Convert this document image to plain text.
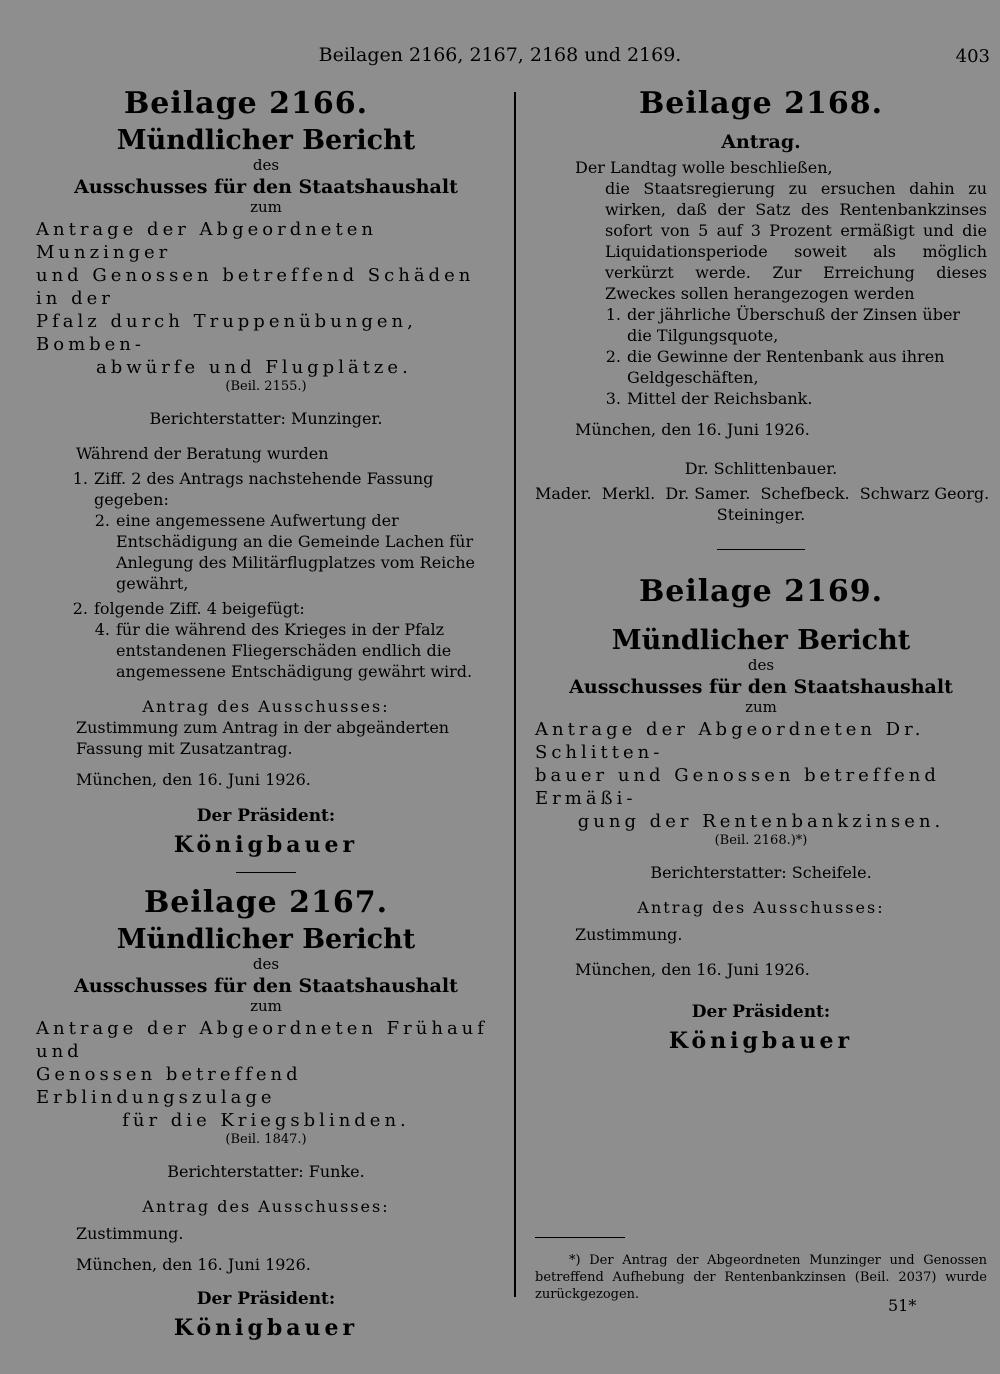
Beilagen 2166, 2167, 2168 und 2169.	403
Beilage 2166.
Mündlicher Bericht
des
Ausschusses für den Staatshaushalt
zum
Antrage der Abgeordneten Munzinger
und Genossen betreffend Schäden in der
Pfalz durch Truppenübungen, Bomben-
abwürfe und Flugplätze.
(Beil. 2155.)
Berichterstatter: Munzinger.
Während der Beratung wurden
1. Ziff. 2 des Antrags nachstehende Fassung gegeben:
2. eine angemessene Aufwertung der Entschädigung an die Gemeinde Lachen für Anlegung des Militärflugplatzes vom Reiche gewährt,
2. folgende Ziff. 4 beigefügt:
4. für die während des Krieges in der Pfalz entstandenen Fliegerschäden endlich die angemessene Entschädigung gewährt wird.
Antrag des Ausschusses:
Zustimmung zum Antrag in der abgeänderten Fassung mit Zusatzantrag.
München, den 16. Juni 1926.
Der Präsident:
Königbauer
Beilage 2167.
Mündlicher Bericht
des
Ausschusses für den Staatshaushalt
zum
Antrage der Abgeordneten Frühauf und
Genossen betreffend Erblindungszulage
für die Kriegsblinden.
(Beil. 1847.)
Berichterstatter: Funke.
Antrag des Ausschusses:
Zustimmung.
München, den 16. Juni 1926.
Der Präsident:
Königbauer
Beilage 2168.
Antrag.
Der Landtag wolle beschließen,
die Staatsregierung zu ersuchen dahin zu wirken, daß der Satz des Rentenbankzinses sofort von 5 auf 3 Prozent ermäßigt und die Liquidationsperiode soweit als möglich verkürzt werde. Zur Erreichung dieses Zweckes sollen herangezogen werden
1. der jährliche Überschuß der Zinsen über die Tilgungsquote,
2. die Gewinne der Rentenbank aus ihren Geldgeschäften,
3. Mittel der Reichsbank.
München, den 16. Juni 1926.
Dr. Schlittenbauer.
Mader.  Merkl.  Dr. Samer.  Schefbeck.  Schwarz Georg.
Steininger.
Beilage 2169.
Mündlicher Bericht
des
Ausschusses für den Staatshaushalt
zum
Antrage der Abgeordneten Dr. Schlitten-
bauer und Genossen betreffend Ermäßi-
gung der Rentenbankzinsen.
(Beil. 2168.)*)
Berichterstatter: Scheifele.
Antrag des Ausschusses:
Zustimmung.
München, den 16. Juni 1926.
Der Präsident:
Königbauer
*) Der Antrag der Abgeordneten Munzinger und Genossen betreffend Aufhebung der Rentenbankzinsen (Beil. 2037) wurde zurückgezogen.
51*
